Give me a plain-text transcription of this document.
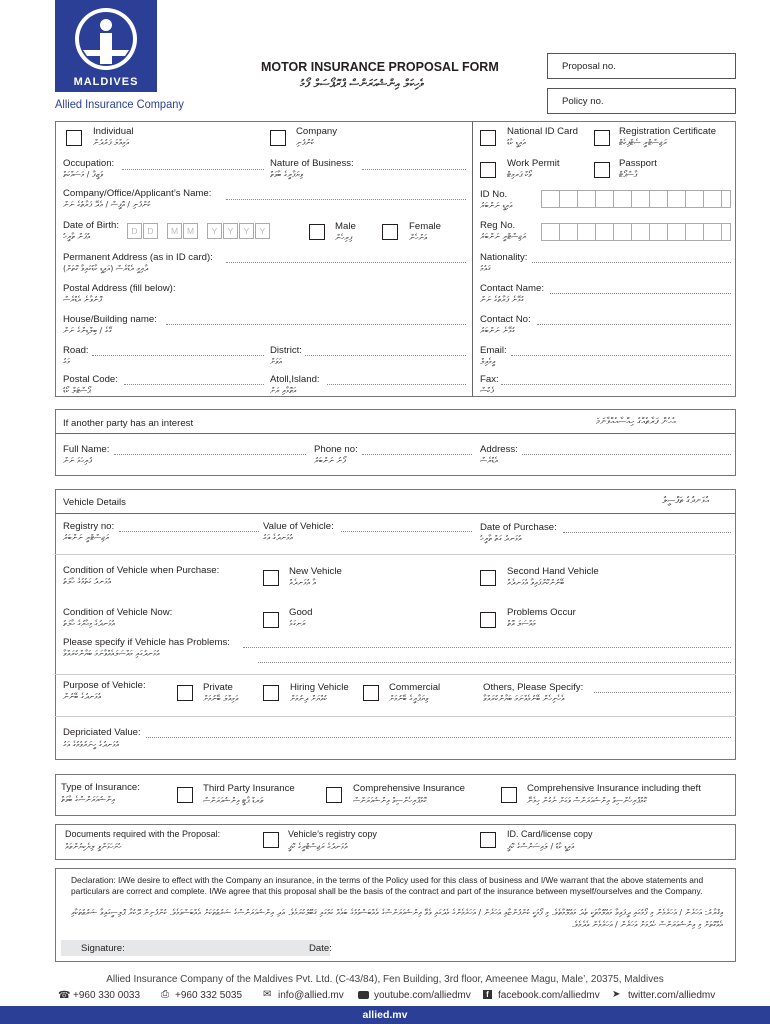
MALDIVES
Allied Insurance Company
MOTOR INSURANCE PROPOSAL FORM
ވެހިކަލް އިންޝުއަރަންސް ޕްރޮޕޯސަލް ފޯމު
Proposal no.
Policy no.
Individual
އަމިއްލަ ފަރުދުން
Company
ކުންފުނި
Occupation:
ވަޒީފާ / މަސައްކަތް
Nature of Business:
ވިޔަފާރީގެ ބާވަތް
Company/Office/Applicant’s Name:
ކުންފުނި / އޮފީސް / އެދޭ ފަރާތުގެ ނަން
Date of Birth:
އުފަން ތާރީޚު
D	D	M	M	Y	Y	Y	Y	Male
ފިރިހެން
Female
އަންހެން
Permanent Address (as in ID card):
ދާއިމީ އެޑްރެސް (އައިޑީ ކާޑުގައިވާ ގޮތަށް)
Postal Address (fill below):
ފޮނުވާނެ އެޑްރެސް
House/Building name:
ގޭގެ / ބިލްޑިންގެ ނަން
Road:
މަގު
District:
އަވަށް
Postal Code:
ޕޯސްޓަލް ކޯޑު
Atoll,Island:
އަތޮޅާއި ރަށް
National ID Card
އައިޑީ ކާޑު
Registration Certificate
ރަޖިސްޓްރީ ސެޓްފިކެޓް
Work Permit
ވޯކް ޕަރމިޓް
Passport
ޕާސްޕޯޓް
ID No.
އައިޑީ ނަންބަރު
Reg No.
ރަޖިސްޓްރީ ނަންބަރު
Nationality:
ޤައުމު
Contact Name:
ގުޅޭނެ ފަރާތުގެ ނަން
Contact No:
ގުޅޭނެ ނަންބަރު
Email:
އީމެއިލް
Fax:
ފެކްސް
If another party has an interest	އެހެން ފަރާތެއްގެ ހިއްސާއެއްވާނަމަ
Full Name:
ފުރިހަމަ ނަން
Phone no:
ފޯނު ނަންބަރު
Address:
އެޑްރެސް
Vehicle Details	އުޅަނދުގެ ތަފްސީލު
Registry no:
ރަޖިސްޓްރީ ނަންބަރު
Value of Vehicle:
އުޅަނދުގެ އަގު
Date of Purchase:
އުޅަނދު ގަތް ތާރީޚު
Condition of Vehicle when Purchase:
އުޅަނދު ގަތުމުގެ ހާލަތު
New Vehicle
އާ އުޅަނދެއް
Second Hand Vehicle
ބޭނުންކޮށްފައިވާ އުޅަނދެއް
Condition of Vehicle Now:
އުޅަނދުގެ މިހާރުގެ ހާލަތު
Good
ރަނގަޅު
Problems Occur
މައްސަލަ އޮތް
Please specify if Vehicle has Problems:
އުޅަނދުގައި މައްސަލައެއްވާނަމަ ބަޔާންކުރައްވާ
Purpose of Vehicle:
އުޅަނދުގެ ބޭނުން
Private
އަމިއްލަ ބޭނުމަށް
Hiring Vehicle
ކުއްޔަށް ދިނުމަށް
Commercial
ވިޔަފާރީގެ ބޭނުމަށް
Others, Please Specify:
އެހެނިހެން ބޭނުމެއްނަމަ ބަޔާންކުރައްވާ
Depriciated Value:
އުޅަނދުގެ ހީނަރުވުމުގެ އަގު
Type of Insurance:
އިންޝުއަރަންސްގެ ބާވަތް
Third Party Insurance
ތަރޑް ޕާޓީ އިންޝުއަރަންސް
Comprehensive Insurance
ކޮމްޕްރިހެންސިވް އިންޝުއަރަންސް
Comprehensive Insurance including theft
ކޮމްޕްރިހެންސިވް އިންޝުއަރަންސް ވަގަށް ނެގުން ހިމެނޭ
Documents required with the Proposal:
ހުށަހަޅަންވީ ލިޔެކިޔުންތައް
Vehicle’s registry copy
އުޅަނދުގެ ރަޖިސްޓްރީގެ ކޮޕީ
ID. Card/license copy
އައިޑީ ކާޑު / ލައިސަންސްގެ ކޮޕީ
Declaration: I/We desire to effect with the Company an insurance, in the terms of the Policy used for this class of business and I/We warrant that the above statements and particulars are correct and complete. I/We agree that this proposal shall be the basis of the contract and part of the insurance between myself/ourselves and the Company.
އިޤްރާރު: އަހަރެން / އަހަރެމެން މި ފޯމުގައި ދީފައިވާ މަޢުލޫމާތަކީ ތެދު މަޢުލޫމާތެވެ. މި ފޯމަކީ ކުންފުންޏާއި އަހަރެން / އަހަރެމެންގެ މެދުގައި ވެވޭ އިންޝުއަރަންސްގެ އެއްބަސްވުމުގެ ބައެއް ކަމުގައި ޤަބޫލުކުރަމެވެ. އަދި އިންޝުއަރަންސްގެ ޝަރުޠުތަކަށް އެއްބަސްވަމެވެ. ކުންފުނިން ދޫކުރާ ޕޮލިސީގައިވާ ޝަރުޠުތަކާއި އެއްގޮތަށް މި އިންޝުއަރަންސް ހެދުމަށް އަހަރެން / އަހަރެމެން އެދެމެވެ.
Signature:	Date:
Allied Insurance Company of the Maldives Pvt. Ltd. (C-43/84), Fen Building, 3rd floor, Ameenee Magu, Male’, 20375, Maldives
☎ +960 330 0033 ⎙ +960 332 5035 ✉ info@allied.mv	youtube.com/alliedmv	f facebook.com/alliedmv ➤ twitter.com/alliedmv
allied.mv
